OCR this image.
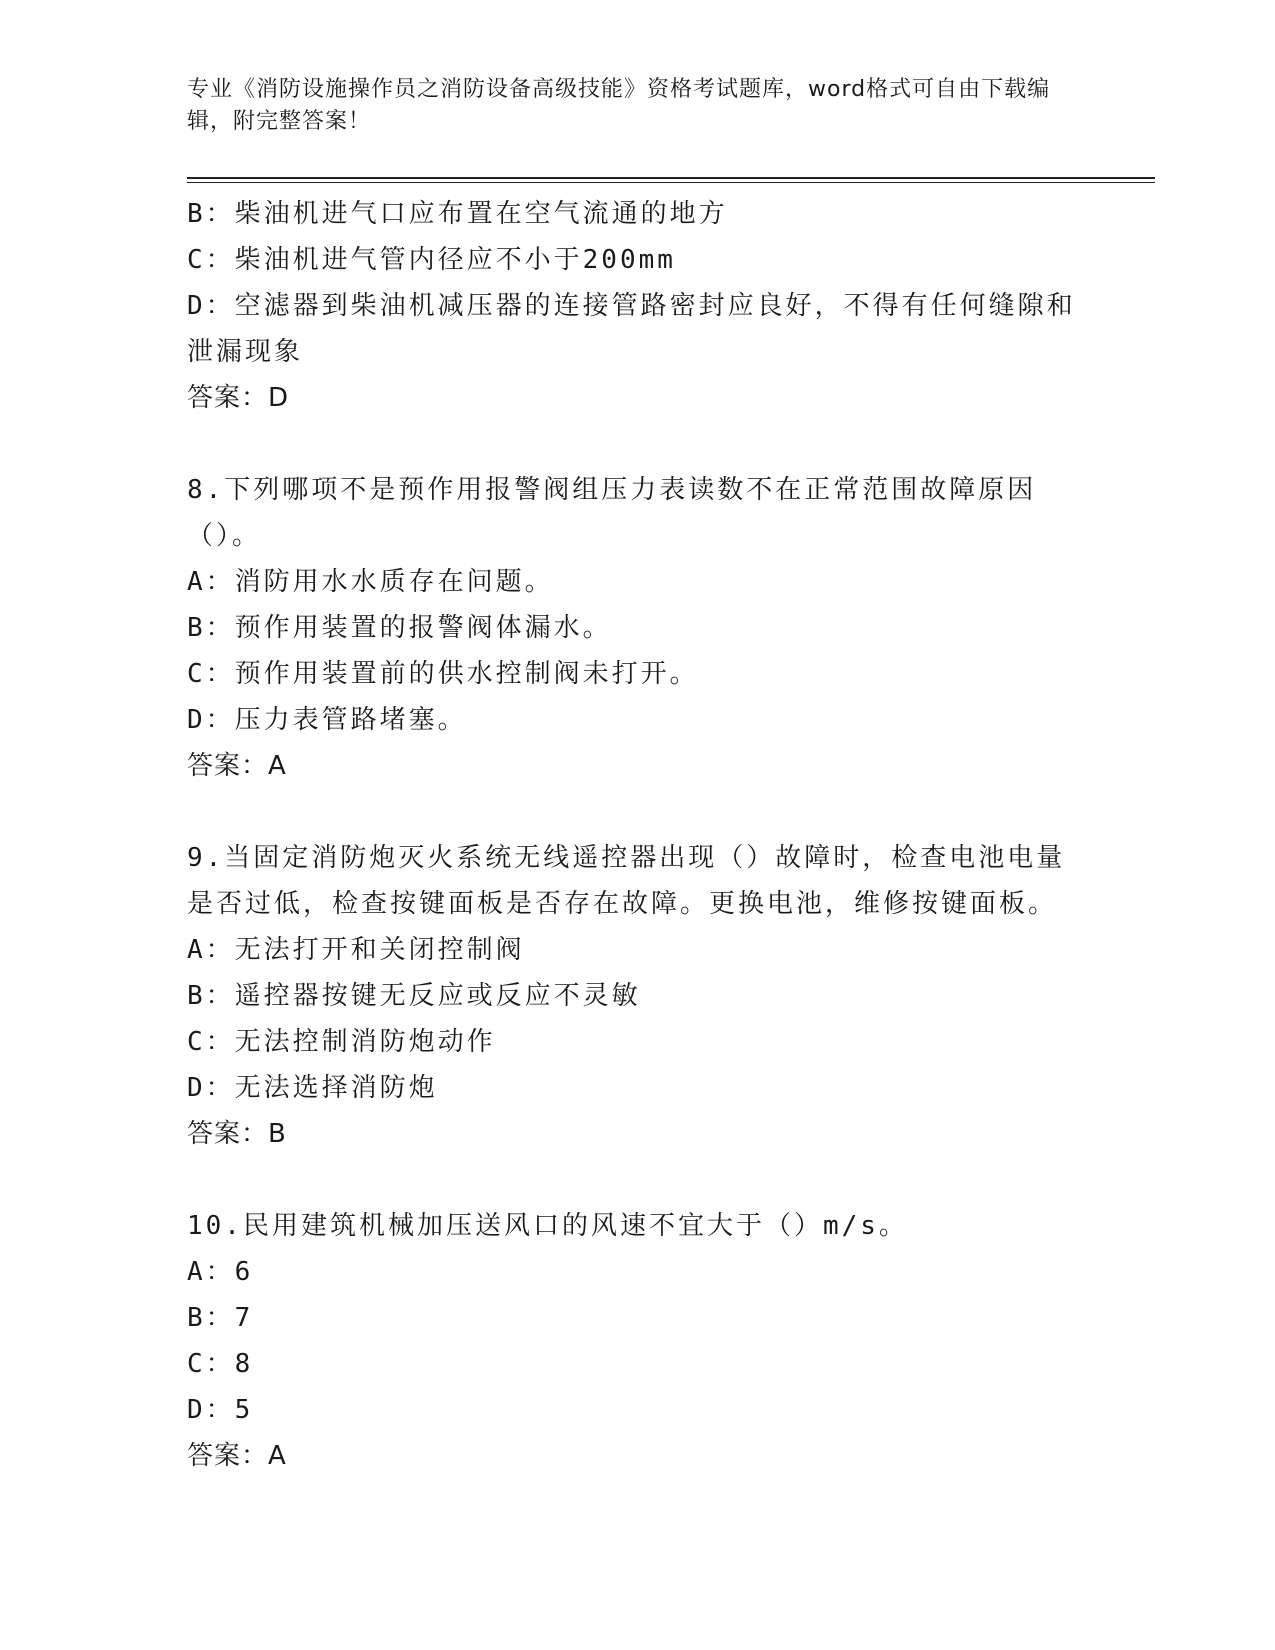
专业《消防设施操作员之消防设备高级技能》资格考试题库，word格式可自由下载编辑，附完整答案！

B：柴油机进气口应布置在空气流通的地方

C：柴油机进气管内径应不小于200mm

D：空滤器到柴油机减压器的连接管路密封应良好，不得有任何缝隙和泄漏现象

答案：D

8.下列哪项不是预作用报警阀组压力表读数不在正常范围故障原因（）。

A：消防用水水质存在问题。

B：预作用装置的报警阀体漏水。

C：预作用装置前的供水控制阀未打开。

D：压力表管路堵塞。

答案：A

9.当固定消防炮灭火系统无线遥控器出现（）故障时，检查电池电量是否过低，检查按键面板是否存在故障。更换电池，维修按键面板。

A：无法打开和关闭控制阀

B：遥控器按键无反应或反应不灵敏

C：无法控制消防炮动作

D：无法选择消防炮

答案：B

10.民用建筑机械加压送风口的风速不宜大于（）m/s。

A：6

B：7

C：8

D：5

答案：A
